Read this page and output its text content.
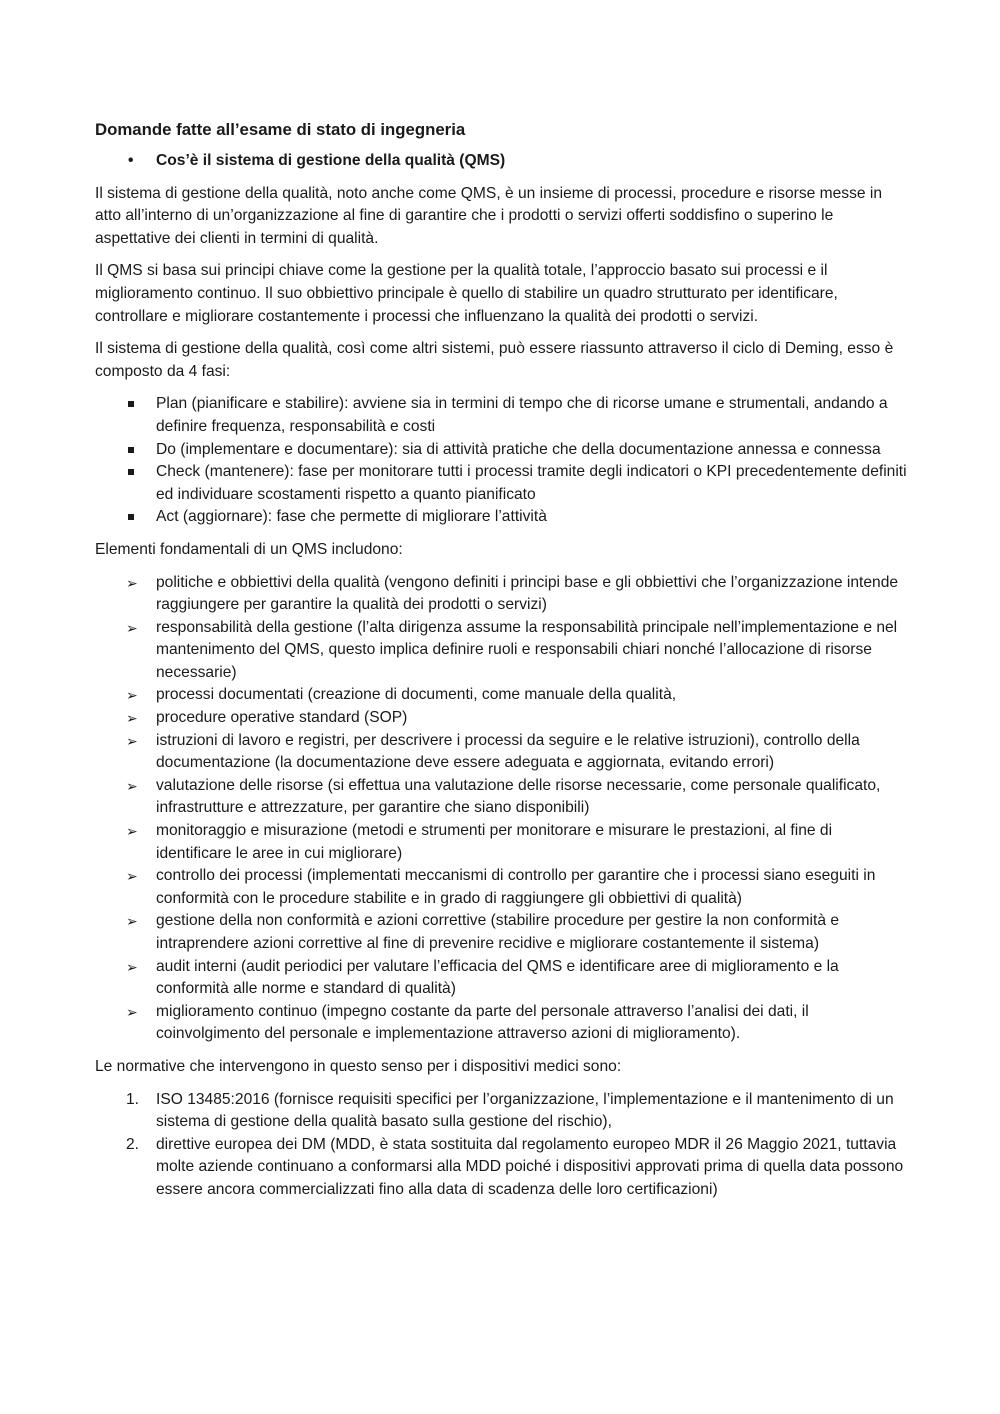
Domande fatte all’esame di stato di ingegneria
• Cos’è il sistema di gestione della qualità (QMS)

Il sistema di gestione della qualità, noto anche come QMS, è un insieme di processi, procedure e risorse messe in atto all’interno di un’organizzazione al fine di garantire che i prodotti o servizi offerti soddisfino o superino le aspettative dei clienti in termini di qualità.

Il QMS si basa sui principi chiave come la gestione per la qualità totale, l’approccio basato sui processi e il miglioramento continuo. Il suo obbiettivo principale è quello di stabilire un quadro strutturato per identificare, controllare e migliorare costantemente i processi che influenzano la qualità dei prodotti o servizi.

Il sistema di gestione della qualità, così come altri sistemi, può essere riassunto attraverso il ciclo di Deming, esso è composto da 4 fasi:

Plan (pianificare e stabilire): avviene sia in termini di tempo che di ricorse umane e strumentali, andando a definire frequenza, responsabilità e costi
Do (implementare e documentare): sia di attività pratiche che della documentazione annessa e connessa
Check (mantenere): fase per monitorare tutti i processi tramite degli indicatori o KPI precedentemente definiti ed individuare scostamenti rispetto a quanto pianificato
Act (aggiornare): fase che permette di migliorare l’attività

Elementi fondamentali di un QMS includono:

➢	politiche e obbiettivi della qualità (vengono definiti i principi base e gli obbiettivi che l’organizzazione intende raggiungere per garantire la qualità dei prodotti o servizi)
➢	responsabilità della gestione (l’alta dirigenza assume la responsabilità principale nell’implementazione e nel mantenimento del QMS, questo implica definire ruoli e responsabili chiari nonché l’allocazione di risorse necessarie)
➢	processi documentati (creazione di documenti, come manuale della qualità,
➢	procedure operative standard (SOP)
➢	istruzioni di lavoro e registri, per descrivere i processi da seguire e le relative istruzioni), controllo della documentazione (la documentazione deve essere adeguata e aggiornata, evitando errori)
➢	valutazione delle risorse (si effettua una valutazione delle risorse necessarie, come personale qualificato, infrastrutture e attrezzature, per garantire che siano disponibili)
➢	monitoraggio e misurazione (metodi e strumenti per monitorare e misurare le prestazioni, al fine di identificare le aree in cui migliorare)
➢	controllo dei processi (implementati meccanismi di controllo per garantire che i processi siano eseguiti in conformità con le procedure stabilite e in grado di raggiungere gli obbiettivi di qualità)
➢	gestione della non conformità e azioni correttive (stabilire procedure per gestire la non conformità e intraprendere azioni correttive al fine di prevenire recidive e migliorare costantemente il sistema)
➢	audit interni (audit periodici per valutare l’efficacia del QMS e identificare aree di miglioramento e la conformità alle norme e standard di qualità)
➢	miglioramento continuo (impegno costante da parte del personale attraverso l’analisi dei dati, il coinvolgimento del personale e implementazione attraverso azioni di miglioramento).

Le normative che intervengono in questo senso per i dispositivi medici sono:

1.	ISO 13485:2016 (fornisce requisiti specifici per l’organizzazione, l’implementazione e il mantenimento di un sistema di gestione della qualità basato sulla gestione del rischio),
2.	direttive europea dei DM (MDD, è stata sostituita dal regolamento europeo MDR il 26 Maggio 2021, tuttavia molte aziende continuano a conformarsi alla MDD poiché i dispositivi approvati prima di quella data possono essere ancora commercializzati fino alla data di scadenza delle loro certificazioni)
